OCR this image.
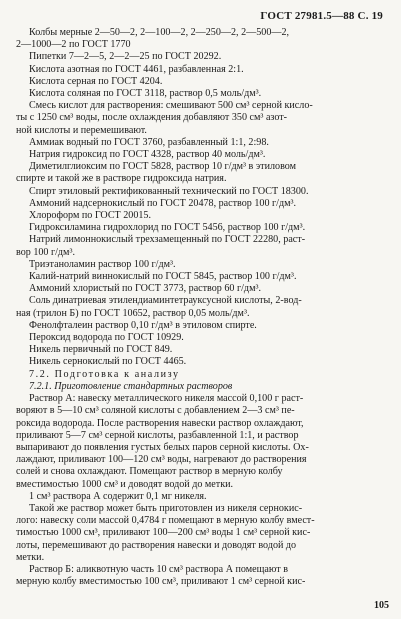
ГОСТ 27981.5—88 С. 19

Колбы мерные 2—50—2, 2—100—2, 2—250—2, 2—500—2,

2—1000—2 по ГОСТ 1770

Пипетки 7—2—5, 2—2—25 по ГОСТ 20292.

Кислота азотная по ГОСТ 4461, разбавленная 2:1.

Кислота серная по ГОСТ 4204.

Кислота соляная по ГОСТ 3118, раствор 0,5 моль/дм³.

Смесь кислот для растворения: смешивают 500 см³ серной кисло-

ты с 1250 см³ воды, после охлаждения добавляют 350 см³ азот-

ной кислоты и перемешивают.

Аммиак водный по ГОСТ 3760, разбавленный 1:1, 2:98.

Натрия гидроксид по ГОСТ 4328, раствор 40 моль/дм³.

Диметилглиоксим по ГОСТ 5828, раствор 10 г/дм³ в этиловом

спирте и такой же в растворе гидроксида натрия.

Спирт этиловый ректификованный технический по ГОСТ 18300.

Аммоний надсернокислый по ГОСТ 20478, раствор 100 г/дм³.

Хлороформ по ГОСТ 20015.

Гидроксиламина гидрохлорид по ГОСТ 5456, раствор 100 г/дм³.

Натрий лимоннокислый трехзамещенный по ГОСТ 22280, раст-

вор 100 г/дм³.

Триэтаноламин раствор 100 г/дм³.

Калий-натрий виннокислый по ГОСТ 5845, раствор 100 г/дм³.

Аммоний хлористый по ГОСТ 3773, раствор 60 г/дм³.

Соль динатриевая этилендиаминтетрауксусной кислоты, 2-вод-

ная (трилон Б) по ГОСТ 10652, раствор 0,05 моль/дм³.

Фенолфталеин раствор 0,10 г/дм³ в этиловом спирте.

Пероксид водорода по ГОСТ 10929.

Никель первичный по ГОСТ 849.

Никель сернокислый по ГОСТ 4465.

7.2. Подготовка к анализу

7.2.1. Приготовление стандартных растворов

Раствор А: навеску металлического никеля массой 0,100 г раст-

воряют в 5—10 см³ соляной кислоты с добавлением 2—3 см³ пе-

роксида водорода. После растворения навески раствор охлаждают,

приливают 5—7 см³ серной кислоты, разбавленной 1:1, и раствор

выпаривают до появления густых белых паров серной кислоты. Ох-

лаждают, приливают 100—120 см³ воды, нагревают до растворения

солей и снова охлаждают. Помещают раствор в мерную колбу

вместимостью 1000 см³ и доводят водой до метки.

1 см³ раствора А содержит 0,1 мг никеля.

Такой же раствор может быть приготовлен из никеля сернокис-

лого: навеску соли массой 0,4784 г помещают в мерную колбу вмест-

тимостью 1000 см³, приливают 100—200 см³ воды 1 см³ серной кис-

лоты, перемешивают до растворения навески и доводят водой до

метки.

Раствор Б: аликвотную часть 10 см³ раствора А помещают в

мерную колбу вместимостью 100 см³, приливают 1 см³ серной кис-

105
